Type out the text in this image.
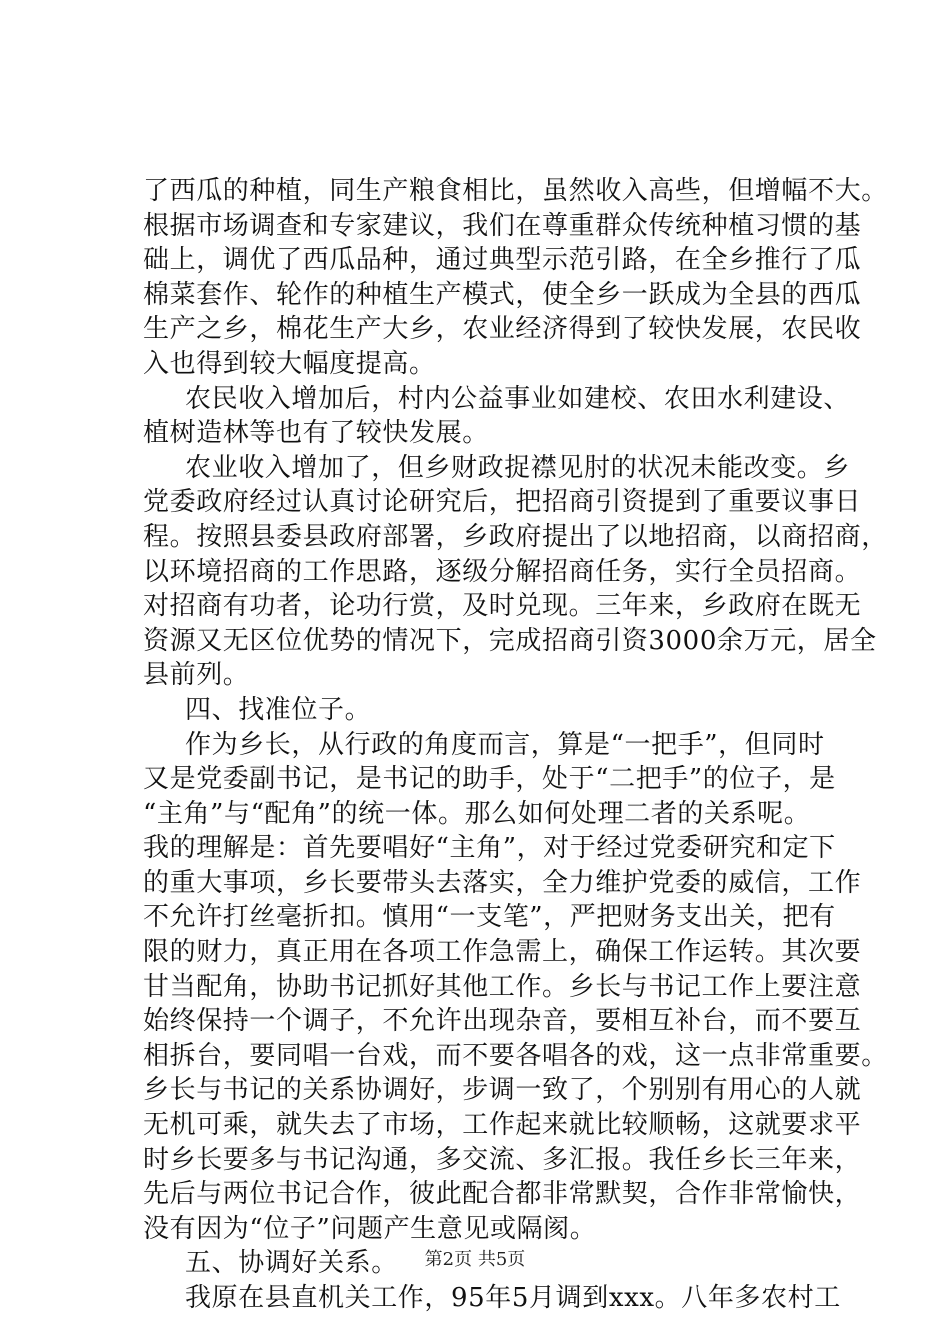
了西瓜的种植，同生产粮食相比，虽然收入高些，但增幅不大。
根据市场调查和专家建议，我们在尊重群众传统种植习惯的基
础上，调优了西瓜品种，通过典型示范引路，在全乡推行了瓜
棉菜套作、轮作的种植生产模式，使全乡一跃成为全县的西瓜
生产之乡，棉花生产大乡，农业经济得到了较快发展，农民收
入也得到较大幅度提高。
农民收入增加后，村内公益事业如建校、农田水利建设、
植树造林等也有了较快发展。
农业收入增加了，但乡财政捉襟见肘的状况未能改变。乡
党委政府经过认真讨论研究后，把招商引资提到了重要议事日
程。按照县委县政府部署，乡政府提出了以地招商，以商招商，
以环境招商的工作思路，逐级分解招商任务，实行全员招商。
对招商有功者，论功行赏，及时兑现。三年来，乡政府在既无
资源又无区位优势的情况下，完成招商引资3000余万元，居全
县前列。
四、找准位子。
作为乡长，从行政的角度而言，算是“一把手”，但同时
又是党委副书记，是书记的助手，处于“二把手”的位子，是
“主角”与“配角”的统一体。那么如何处理二者的关系呢。
我的理解是：首先要唱好“主角”，对于经过党委研究和定下
的重大事项，乡长要带头去落实，全力维护党委的威信，工作
不允许打丝毫折扣。慎用“一支笔”，严把财务支出关，把有
限的财力，真正用在各项工作急需上，确保工作运转。其次要
甘当配角，协助书记抓好其他工作。乡长与书记工作上要注意
始终保持一个调子，不允许出现杂音，要相互补台，而不要互
相拆台，要同唱一台戏，而不要各唱各的戏，这一点非常重要。
乡长与书记的关系协调好，步调一致了，个别别有用心的人就
无机可乘，就失去了市场，工作起来就比较顺畅，这就要求平
时乡长要多与书记沟通，多交流、多汇报。我任乡长三年来，
先后与两位书记合作，彼此配合都非常默契，合作非常愉快，
没有因为“位子”问题产生意见或隔阂。
五、协调好关系。
我原在县直机关工作，95年5月调到xxx。八年多农村工
第2页 共5页
